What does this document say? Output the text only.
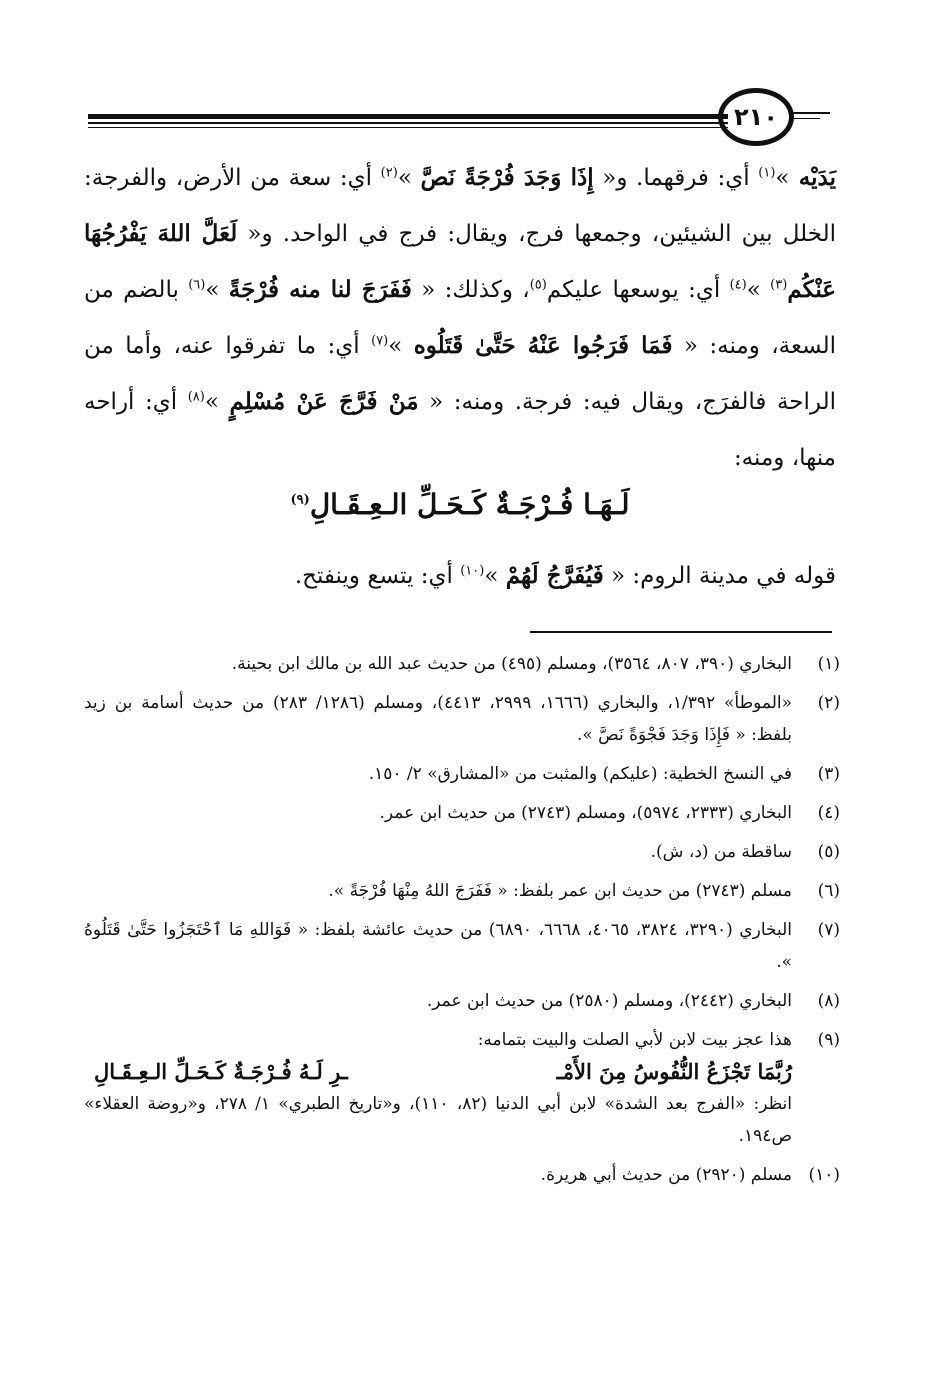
٢١٠

يَدَيْه »$^{(١)}$ أي: فرقهما. و« إِذَا وَجَدَ فُرْجَةً نَصَّ »$^{(٢)}$ أي: سعة من الأرض، والفرجة: الخلل بين الشيئين، وجمعها فرج، ويقال: فرج في الواحد. و« لَعَلَّ اللهَ يَفْرُجُهَا عَنْكُم$^{(٣)}$ »$^{(٤)}$ أي: يوسعها عليكم$^{(٥)}$، وكذلك: « فَفَرَجَ لنا منه فُرْجَةً »$^{(٦)}$ بالضم من السعة، ومنه: « فَمَا فَرَجُوا عَنْهُ حَتَّىٰ قَتَلُوه »$^{(٧)}$ أي: ما تفرقوا عنه، وأما من الراحة فالفرَج، ويقال فيه: فرجة. ومنه: « مَنْ فَرَّجَ عَنْ مُسْلِمٍ »$^{(٨)}$ أي: أراحه منها، ومنه:

لَـهَـا فُـرْجَـةٌ كَـحَـلِّ الـعِـقَـالِ$^{(٩)}$
قوله في مدينة الروم: « فَيُفَرَّجُ لَهُمْ »$^{(١٠)}$ أي: يتسع وينفتح.
(١)
البخاري (٣٩٠، ٨٠٧، ٣٥٦٤)، ومسلم (٤٩٥) من حديث عبد الله بن مالك ابن بحينة.
(٢)
«الموطأ» ١/٣٩٢، والبخاري (١٦٦٦، ٢٩٩٩، ٤٤١٣)، ومسلم (١٢٨٦/ ٢٨٣) من حديث أسامة بن زيد بلفظ: « فَإِذَا وَجَدَ فَجْوَةً نَصَّ ».
(٣)
في النسخ الخطية: (عليكم) والمثبت من «المشارق» ٢/ ١٥٠.
(٤)
البخاري (٢٣٣٣، ٥٩٧٤)، ومسلم (٢٧٤٣) من حديث ابن عمر.
(٥)
ساقطة من (د، ش).
(٦)
مسلم (٢٧٤٣) من حديث ابن عمر بلفظ: « فَفَرَجَ اللهُ مِنْهَا فُرْجَةً ».
(٧)
البخاري (٣٢٩٠، ٣٨٢٤، ٤٠٦٥، ٦٦٦٨، ٦٨٩٠) من حديث عائشة بلفظ: « فَوَاللهِ مَا ٱحْتَجَزُوا حَتَّىٰ قَتَلُوهُ ».
(٨)
البخاري (٢٤٤٢)، ومسلم (٢٥٨٠) من حديث ابن عمر.
(٩)
هذا عجز بيت لابن لأبي الصلت والبيت بتمامه:
رُبَّمَا تَجْزَعُ النُّفُوسُ مِنَ الأَمْـ
ـرِ لَـهُ فُـرْجَـةٌ كَـحَـلِّ الـعِـقَـالِ
انظر: «الفرج بعد الشدة» لابن أبي الدنيا (٨٢، ١١٠)، و«تاريخ الطبري» ١/ ٢٧٨، و«روضة العقلاء» ص١٩٤.
(١٠)
مسلم (٢٩٢٠) من حديث أبي هريرة.
